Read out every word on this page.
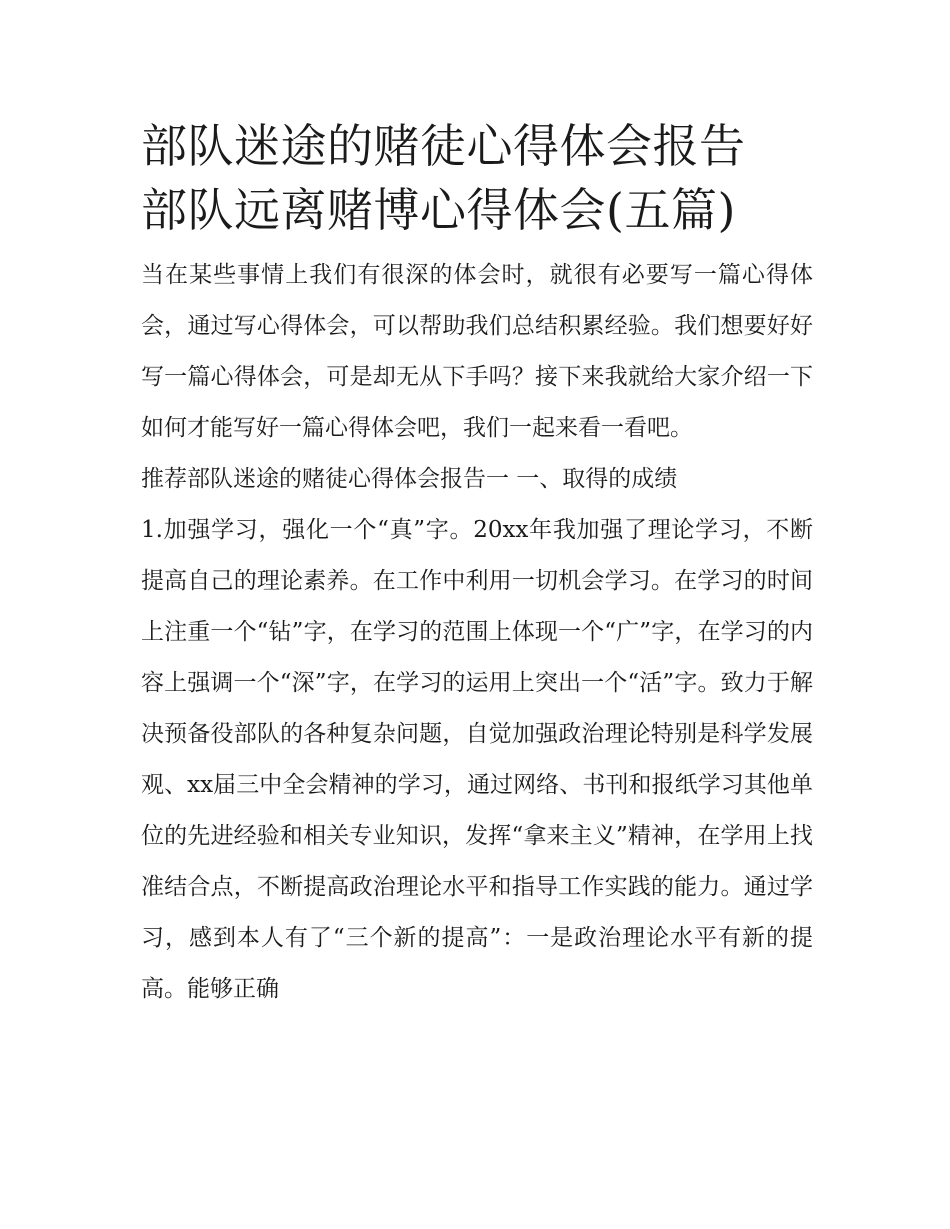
部队迷途的赌徒心得体会报告
部队远离赌博心得体会(五篇)

当在某些事情上我们有很深的体会时，就很有必要写一篇心得体会，通过写心得体会，可以帮助我们总结积累经验。我们想要好好写一篇心得体会，可是却无从下手吗？接下来我就给大家介绍一下如何才能写好一篇心得体会吧，我们一起来看一看吧。

推荐部队迷途的赌徒心得体会报告一 一、取得的成绩

1.加强学习，强化一个“真”字。20xx年我加强了理论学习，不断提高自己的理论素养。在工作中利用一切机会学习。在学习的时间上注重一个“钻”字，在学习的范围上体现一个“广”字，在学习的内容上强调一个“深”字，在学习的运用上突出一个“活”字。致力于解决预备役部队的各种复杂问题，自觉加强政治理论特别是科学发展观、xx届三中全会精神的学习，通过网络、书刊和报纸学习其他单位的先进经验和相关专业知识，发挥“拿来主义”精神，在学用上找准结合点，不断提高政治理论水平和指导工作实践的能力。通过学习，感到本人有了“三个新的提高”：一是政治理论水平有新的提高。能够正确
